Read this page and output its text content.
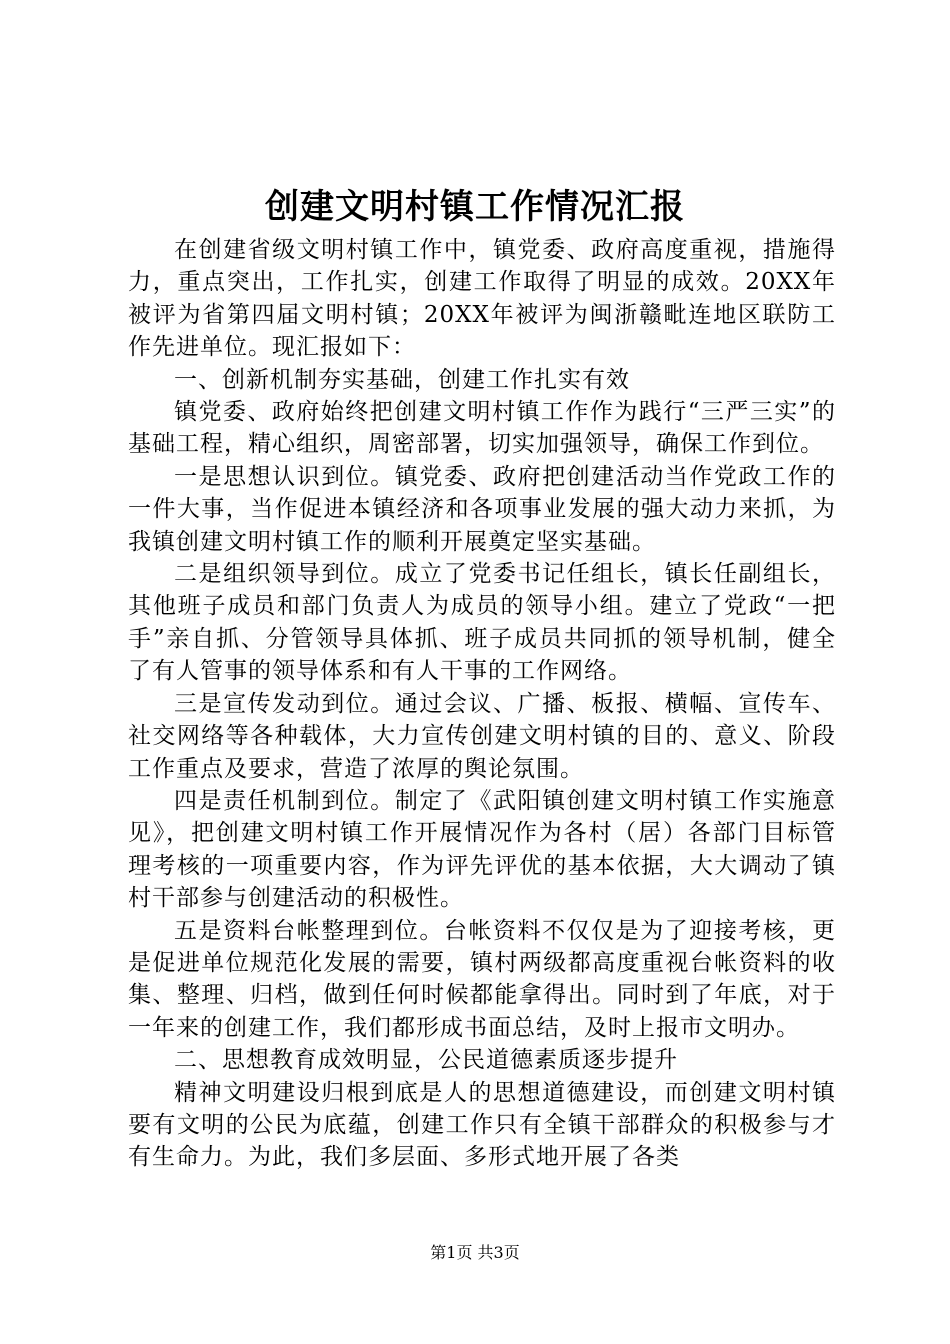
创建文明村镇工作情况汇报

在创建省级文明村镇工作中，镇党委、政府高度重视，措施得力，重点突出，工作扎实，创建工作取得了明显的成效。20XX年被评为省第四届文明村镇；20XX年被评为闽浙赣毗连地区联防工作先进单位。现汇报如下：

一、创新机制夯实基础，创建工作扎实有效

镇党委、政府始终把创建文明村镇工作作为践行“三严三实”的基础工程，精心组织，周密部署，切实加强领导，确保工作到位。

一是思想认识到位。镇党委、政府把创建活动当作党政工作的一件大事，当作促进本镇经济和各项事业发展的强大动力来抓，为我镇创建文明村镇工作的顺利开展奠定坚实基础。

二是组织领导到位。成立了党委书记任组长，镇长任副组长，其他班子成员和部门负责人为成员的领导小组。建立了党政“一把手”亲自抓、分管领导具体抓、班子成员共同抓的领导机制，健全了有人管事的领导体系和有人干事的工作网络。

三是宣传发动到位。通过会议、广播、板报、横幅、宣传车、社交网络等各种载体，大力宣传创建文明村镇的目的、意义、阶段工作重点及要求，营造了浓厚的舆论氛围。

四是责任机制到位。制定了《武阳镇创建文明村镇工作实施意见》，把创建文明村镇工作开展情况作为各村（居）各部门目标管理考核的一项重要内容，作为评先评优的基本依据，大大调动了镇村干部参与创建活动的积极性。

五是资料台帐整理到位。台帐资料不仅仅是为了迎接考核，更是促进单位规范化发展的需要，镇村两级都高度重视台帐资料的收集、整理、归档，做到任何时候都能拿得出。同时到了年底，对于一年来的创建工作，我们都形成书面总结，及时上报市文明办。

二、思想教育成效明显，公民道德素质逐步提升

精神文明建设归根到底是人的思想道德建设，而创建文明村镇要有文明的公民为底蕴，创建工作只有全镇干部群众的积极参与才有生命力。为此，我们多层面、多形式地开展了各类

第1页 共3页
